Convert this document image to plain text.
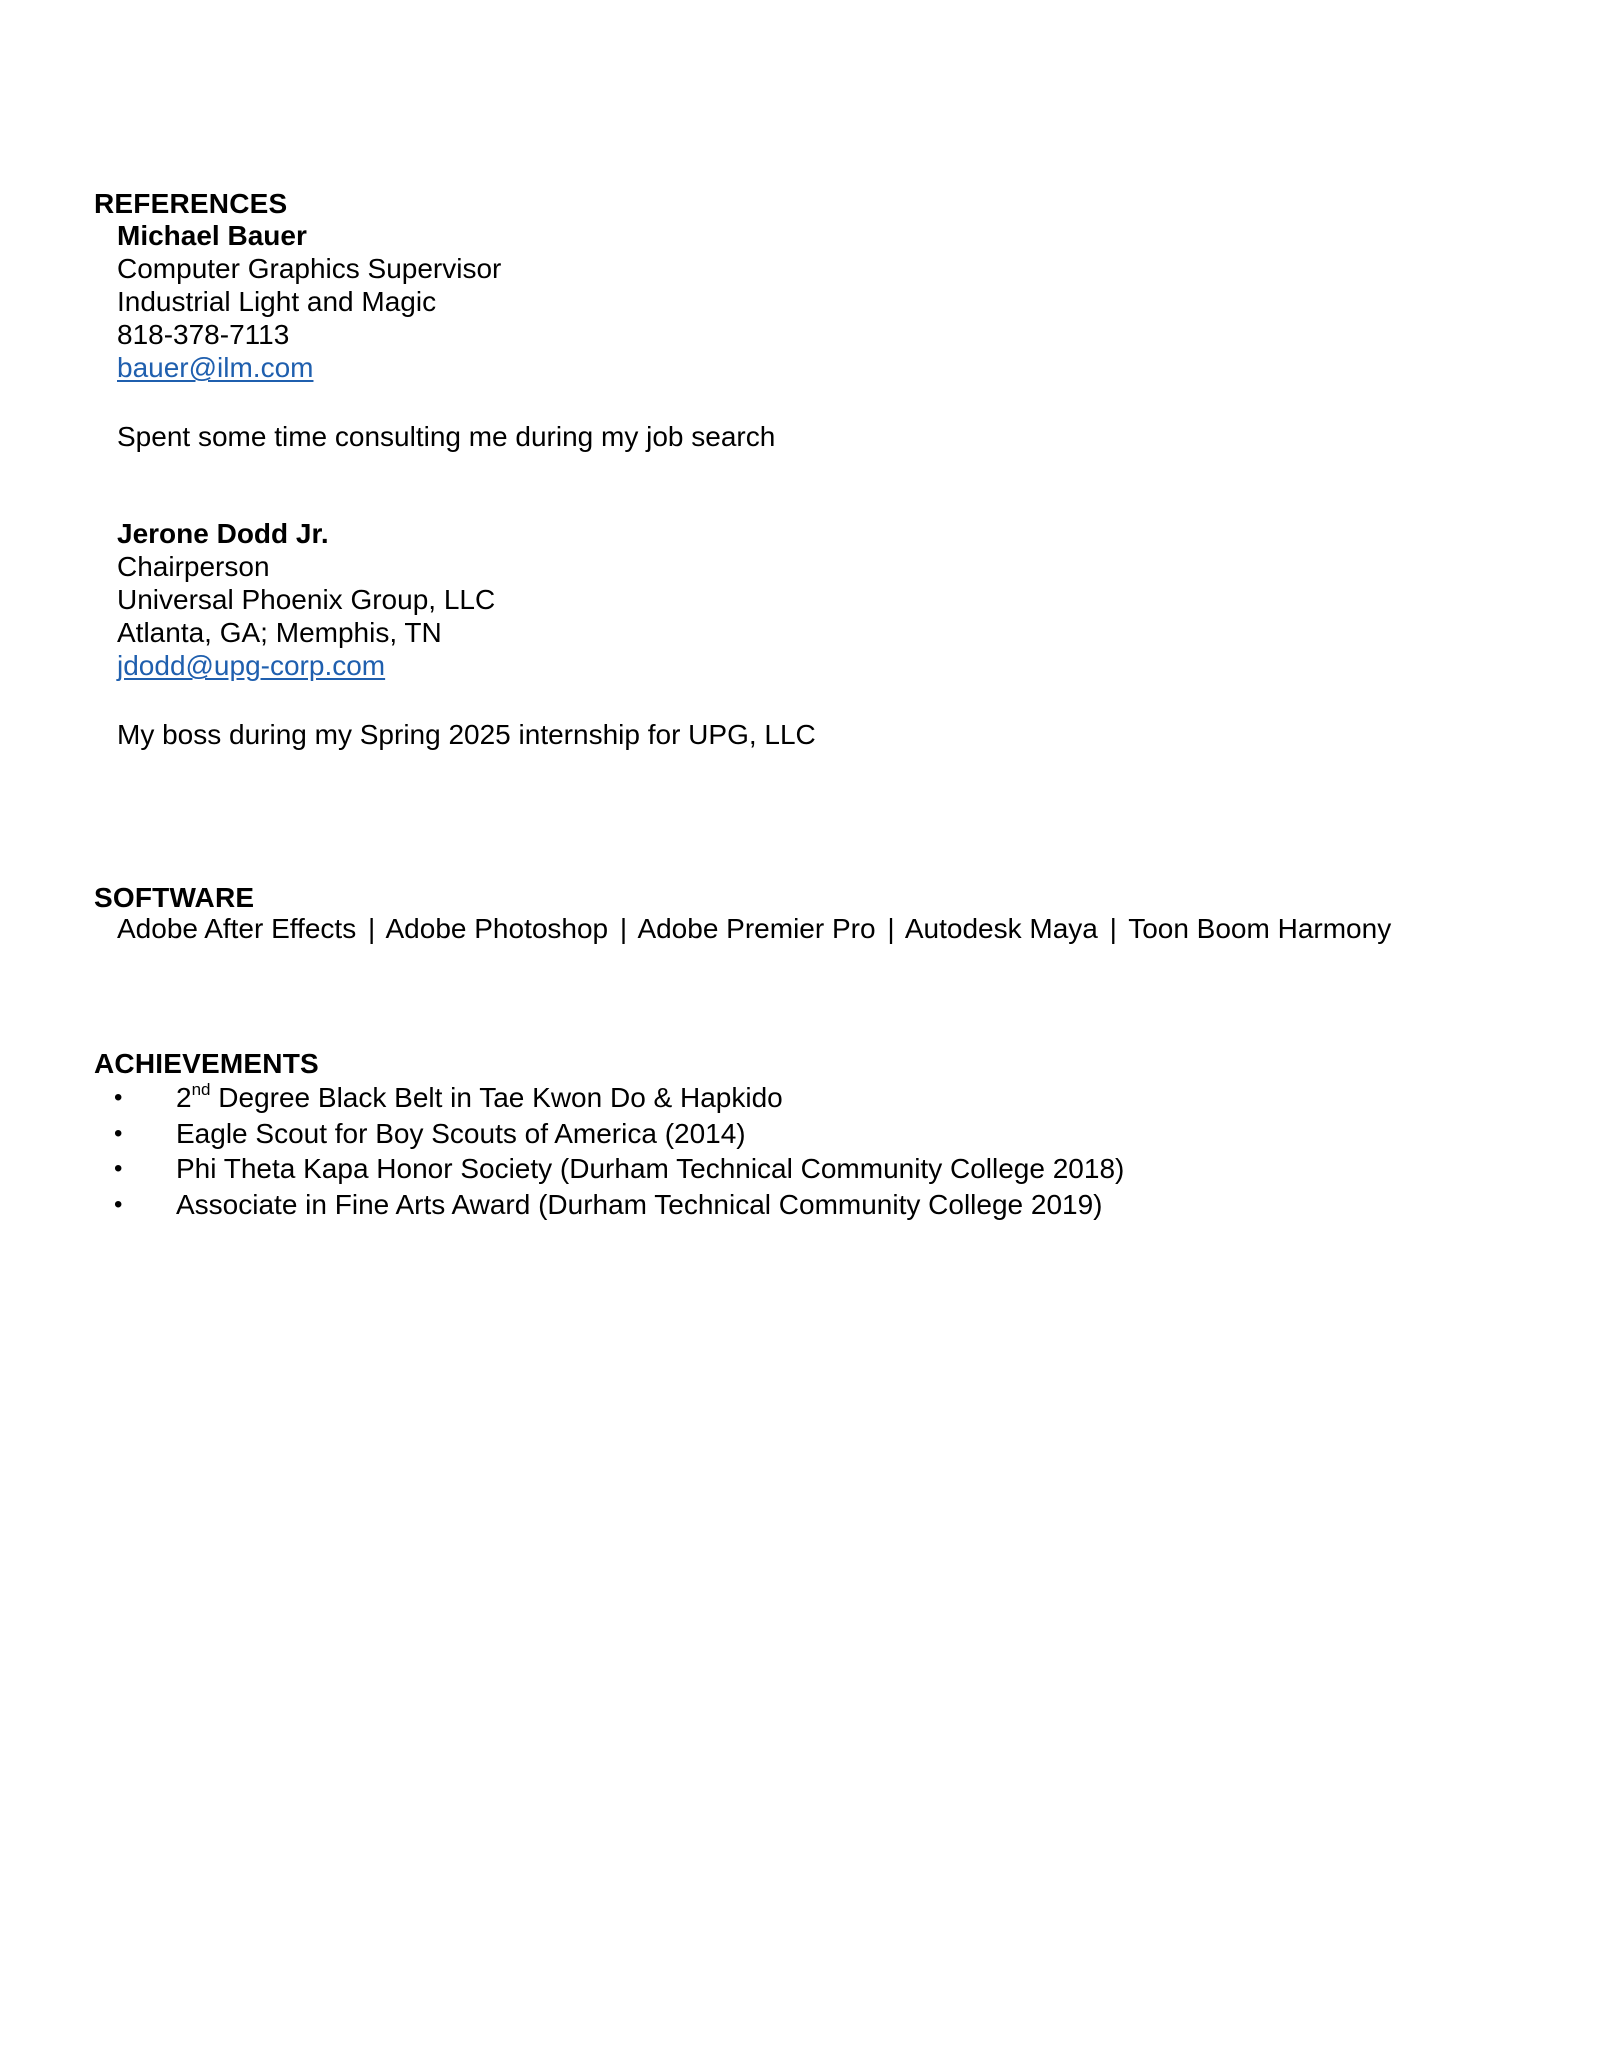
REFERENCES
Michael Bauer
Computer Graphics Supervisor
Industrial Light and Magic
818-378-7113
bauer@ilm.com
Spent some time consulting me during my job search
Jerone Dodd Jr.
Chairperson
Universal Phoenix Group, LLC
Atlanta, GA; Memphis, TN
jdodd@upg-corp.com
My boss during my Spring 2025 internship for UPG, LLC
SOFTWARE
Adobe After Effects | Adobe Photoshop | Adobe Premier Pro | Autodesk Maya | Toon Boom Harmony
ACHIEVEMENTS
• 2nd Degree Black Belt in Tae Kwon Do & Hapkido
• Eagle Scout for Boy Scouts of America (2014)
• Phi Theta Kapa Honor Society (Durham Technical Community College 2018)
• Associate in Fine Arts Award (Durham Technical Community College 2019)
